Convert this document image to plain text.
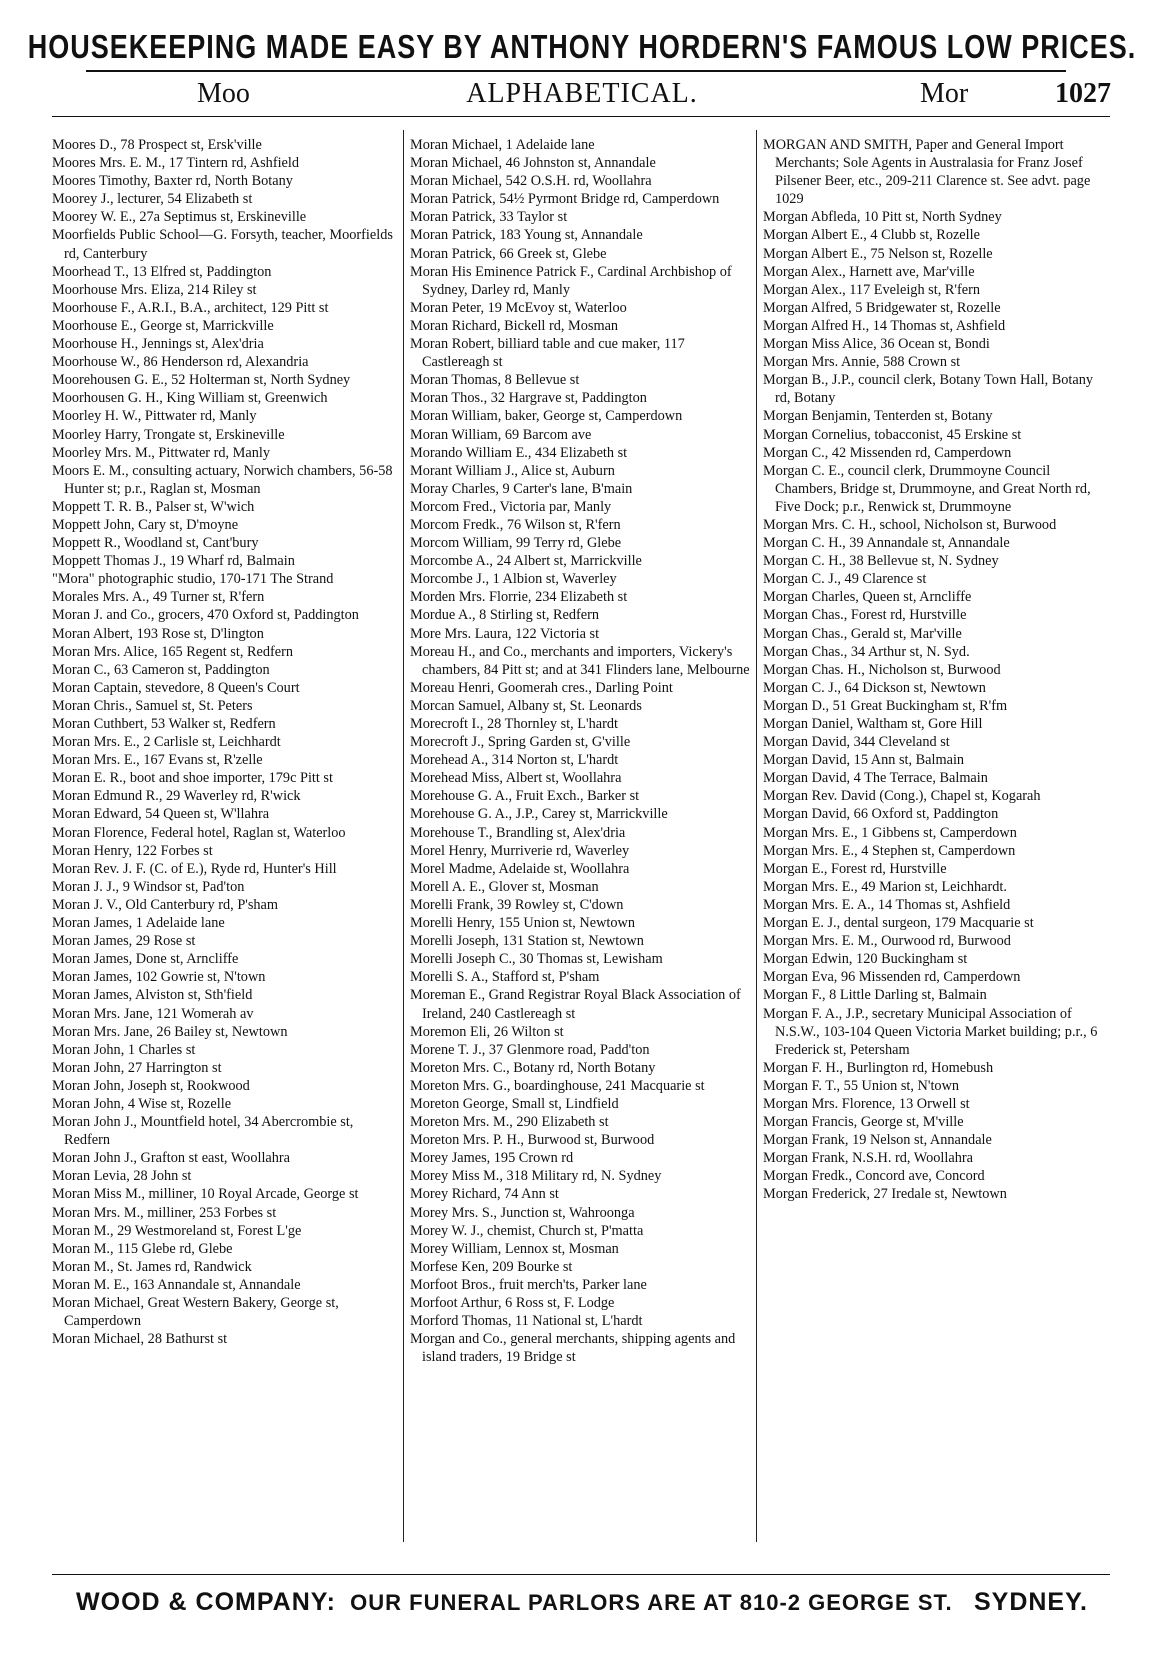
HOUSEKEEPING MADE EASY BY ANTHONY HORDERN'S FAMOUS LOW PRICES.
Moo	ALPHABETICAL.	Mor	1027

Moores D., 78 Prospect st, Ersk'ville

Moores Mrs. E. M., 17 Tintern rd, Ashfield

Moores Timothy, Baxter rd, North Botany

Moorey J., lecturer, 54 Elizabeth st

Moorey W. E., 27a Septimus st, Erskineville

Moorfields Public School—G. Forsyth, teacher, Moorfields rd, Canterbury

Moorhead T., 13 Elfred st, Paddington

Moorhouse Mrs. Eliza, 214 Riley st

Moorhouse F., A.R.I., B.A., architect, 129 Pitt st

Moorhouse E., George st, Marrickville

Moorhouse H., Jennings st, Alex'dria

Moorhouse W., 86 Henderson rd, Alexandria

Moorehousen G. E., 52 Holterman st, North Sydney

Moorhousen G. H., King William st, Greenwich

Moorley H. W., Pittwater rd, Manly

Moorley Harry, Trongate st, Erskineville

Moorley Mrs. M., Pittwater rd, Manly

Moors E. M., consulting actuary, Norwich chambers, 56-58 Hunter st; p.r., Raglan st, Mosman

Moppett T. R. B., Palser st, W'wich

Moppett John, Cary st, D'moyne

Moppett R., Woodland st, Cant'bury

Moppett Thomas J., 19 Wharf rd, Balmain

"Mora" photographic studio, 170-171 The Strand

Morales Mrs. A., 49 Turner st, R'fern

Moran J. and Co., grocers, 470 Oxford st, Paddington

Moran Albert, 193 Rose st, D'lington

Moran Mrs. Alice, 165 Regent st, Redfern

Moran C., 63 Cameron st, Paddington

Moran Captain, stevedore, 8 Queen's Court

Moran Chris., Samuel st, St. Peters

Moran Cuthbert, 53 Walker st, Redfern

Moran Mrs. E., 2 Carlisle st, Leichhardt

Moran Mrs. E., 167 Evans st, R'zelle

Moran E. R., boot and shoe importer, 179c Pitt st

Moran Edmund R., 29 Waverley rd, R'wick

Moran Edward, 54 Queen st, W'llahra

Moran Florence, Federal hotel, Raglan st, Waterloo

Moran Henry, 122 Forbes st

Moran Rev. J. F. (C. of E.), Ryde rd, Hunter's Hill

Moran J. J., 9 Windsor st, Pad'ton

Moran J. V., Old Canterbury rd, P'sham

Moran James, 1 Adelaide lane

Moran James, 29 Rose st

Moran James, Done st, Arncliffe

Moran James, 102 Gowrie st, N'town

Moran James, Alviston st, Sth'field

Moran Mrs. Jane, 121 Womerah av

Moran Mrs. Jane, 26 Bailey st, Newtown

Moran John, 1 Charles st

Moran John, 27 Harrington st

Moran John, Joseph st, Rookwood

Moran John, 4 Wise st, Rozelle

Moran John J., Mountfield hotel, 34 Abercrombie st, Redfern

Moran John J., Grafton st east, Woollahra

Moran Levia, 28 John st

Moran Miss M., milliner, 10 Royal Arcade, George st

Moran Mrs. M., milliner, 253 Forbes st

Moran M., 29 Westmoreland st, Forest L'ge

Moran M., 115 Glebe rd, Glebe

Moran M., St. James rd, Randwick

Moran M. E., 163 Annandale st, Annandale

Moran Michael, Great Western Bakery, George st, Camperdown

Moran Michael, 28 Bathurst st

Moran Michael, 1 Adelaide lane

Moran Michael, 46 Johnston st, Annandale

Moran Michael, 542 O.S.H. rd, Woollahra

Moran Patrick, 54½ Pyrmont Bridge rd, Camperdown

Moran Patrick, 33 Taylor st

Moran Patrick, 183 Young st, Annandale

Moran Patrick, 66 Greek st, Glebe

Moran His Eminence Patrick F., Cardinal Archbishop of Sydney, Darley rd, Manly

Moran Peter, 19 McEvoy st, Waterloo

Moran Richard, Bickell rd, Mosman

Moran Robert, billiard table and cue maker, 117 Castlereagh st

Moran Thomas, 8 Bellevue st

Moran Thos., 32 Hargrave st, Paddington

Moran William, baker, George st, Camperdown

Moran William, 69 Barcom ave

Morando William E., 434 Elizabeth st

Morant William J., Alice st, Auburn

Moray Charles, 9 Carter's lane, B'main

Morcom Fred., Victoria par, Manly

Morcom Fredk., 76 Wilson st, R'fern

Morcom William, 99 Terry rd, Glebe

Morcombe A., 24 Albert st, Marrickville

Morcombe J., 1 Albion st, Waverley

Morden Mrs. Florrie, 234 Elizabeth st

Mordue A., 8 Stirling st, Redfern

More Mrs. Laura, 122 Victoria st

Moreau H., and Co., merchants and importers, Vickery's chambers, 84 Pitt st; and at 341 Flinders lane, Melbourne

Moreau Henri, Goomerah cres., Darling Point

Morcan Samuel, Albany st, St. Leonards

Morecroft I., 28 Thornley st, L'hardt

Morecroft J., Spring Garden st, G'ville

Morehead A., 314 Norton st, L'hardt

Morehead Miss, Albert st, Woollahra

Morehouse G. A., Fruit Exch., Barker st

Morehouse G. A., J.P., Carey st, Marrickville

Morehouse T., Brandling st, Alex'dria

Morel Henry, Murriverie rd, Waverley

Morel Madme, Adelaide st, Woollahra

Morell A. E., Glover st, Mosman

Morelli Frank, 39 Rowley st, C'down

Morelli Henry, 155 Union st, Newtown

Morelli Joseph, 131 Station st, Newtown

Morelli Joseph C., 30 Thomas st, Lewisham

Morelli S. A., Stafford st, P'sham

Moreman E., Grand Registrar Royal Black Association of Ireland, 240 Castlereagh st

Moremon Eli, 26 Wilton st

Morene T. J., 37 Glenmore road, Padd'ton

Moreton Mrs. C., Botany rd, North Botany

Moreton Mrs. G., boardinghouse, 241 Macquarie st

Moreton George, Small st, Lindfield

Moreton Mrs. M., 290 Elizabeth st

Moreton Mrs. P. H., Burwood st, Burwood

Morey James, 195 Crown rd

Morey Miss M., 318 Military rd, N. Sydney

Morey Richard, 74 Ann st

Morey Mrs. S., Junction st, Wahroonga

Morey W. J., chemist, Church st, P'matta

Morey William, Lennox st, Mosman

Morfese Ken, 209 Bourke st

Morfoot Bros., fruit merch'ts, Parker lane

Morfoot Arthur, 6 Ross st, F. Lodge

Morford Thomas, 11 National st, L'hardt

Morgan and Co., general merchants, shipping agents and island traders, 19 Bridge st

MORGAN AND SMITH, Paper and General Import Merchants; Sole Agents in Australasia for Franz Josef Pilsener Beer, etc., 209-211 Clarence st. See advt. page 1029

Morgan Abfleda, 10 Pitt st, North Sydney

Morgan Albert E., 4 Clubb st, Rozelle

Morgan Albert E., 75 Nelson st, Rozelle

Morgan Alex., Harnett ave, Mar'ville

Morgan Alex., 117 Eveleigh st, R'fern

Morgan Alfred, 5 Bridgewater st, Rozelle

Morgan Alfred H., 14 Thomas st, Ashfield

Morgan Miss Alice, 36 Ocean st, Bondi

Morgan Mrs. Annie, 588 Crown st

Morgan B., J.P., council clerk, Botany Town Hall, Botany rd, Botany

Morgan Benjamin, Tenterden st, Botany

Morgan Cornelius, tobacconist, 45 Erskine st

Morgan C., 42 Missenden rd, Camperdown

Morgan C. E., council clerk, Drummoyne Council Chambers, Bridge st, Drummoyne, and Great North rd, Five Dock; p.r., Renwick st, Drummoyne

Morgan Mrs. C. H., school, Nicholson st, Burwood

Morgan C. H., 39 Annandale st, Annandale

Morgan C. H., 38 Bellevue st, N. Sydney

Morgan C. J., 49 Clarence st

Morgan Charles, Queen st, Arncliffe

Morgan Chas., Forest rd, Hurstville

Morgan Chas., Gerald st, Mar'ville

Morgan Chas., 34 Arthur st, N. Syd.

Morgan Chas. H., Nicholson st, Burwood

Morgan C. J., 64 Dickson st, Newtown

Morgan D., 51 Great Buckingham st, R'fm

Morgan Daniel, Waltham st, Gore Hill

Morgan David, 344 Cleveland st

Morgan David, 15 Ann st, Balmain

Morgan David, 4 The Terrace, Balmain

Morgan Rev. David (Cong.), Chapel st, Kogarah

Morgan David, 66 Oxford st, Paddington

Morgan Mrs. E., 1 Gibbens st, Camperdown

Morgan Mrs. E., 4 Stephen st, Camperdown

Morgan E., Forest rd, Hurstville

Morgan Mrs. E., 49 Marion st, Leichhardt.

Morgan Mrs. E. A., 14 Thomas st, Ashfield

Morgan E. J., dental surgeon, 179 Macquarie st

Morgan Mrs. E. M., Ourwood rd, Burwood

Morgan Edwin, 120 Buckingham st

Morgan Eva, 96 Missenden rd, Camperdown

Morgan F., 8 Little Darling st, Balmain

Morgan F. A., J.P., secretary Municipal Association of N.S.W., 103-104 Queen Victoria Market building; p.r., 6 Frederick st, Petersham

Morgan F. H., Burlington rd, Homebush

Morgan F. T., 55 Union st, N'town

Morgan Mrs. Florence, 13 Orwell st

Morgan Francis, George st, M'ville

Morgan Frank, 19 Nelson st, Annandale

Morgan Frank, N.S.H. rd, Woollahra

Morgan Fredk., Concord ave, Concord

Morgan Frederick, 27 Iredale st, Newtown

WOOD & COMPANY: OUR FUNERAL PARLORS ARE AT 810-2 GEORGE ST. SYDNEY.
